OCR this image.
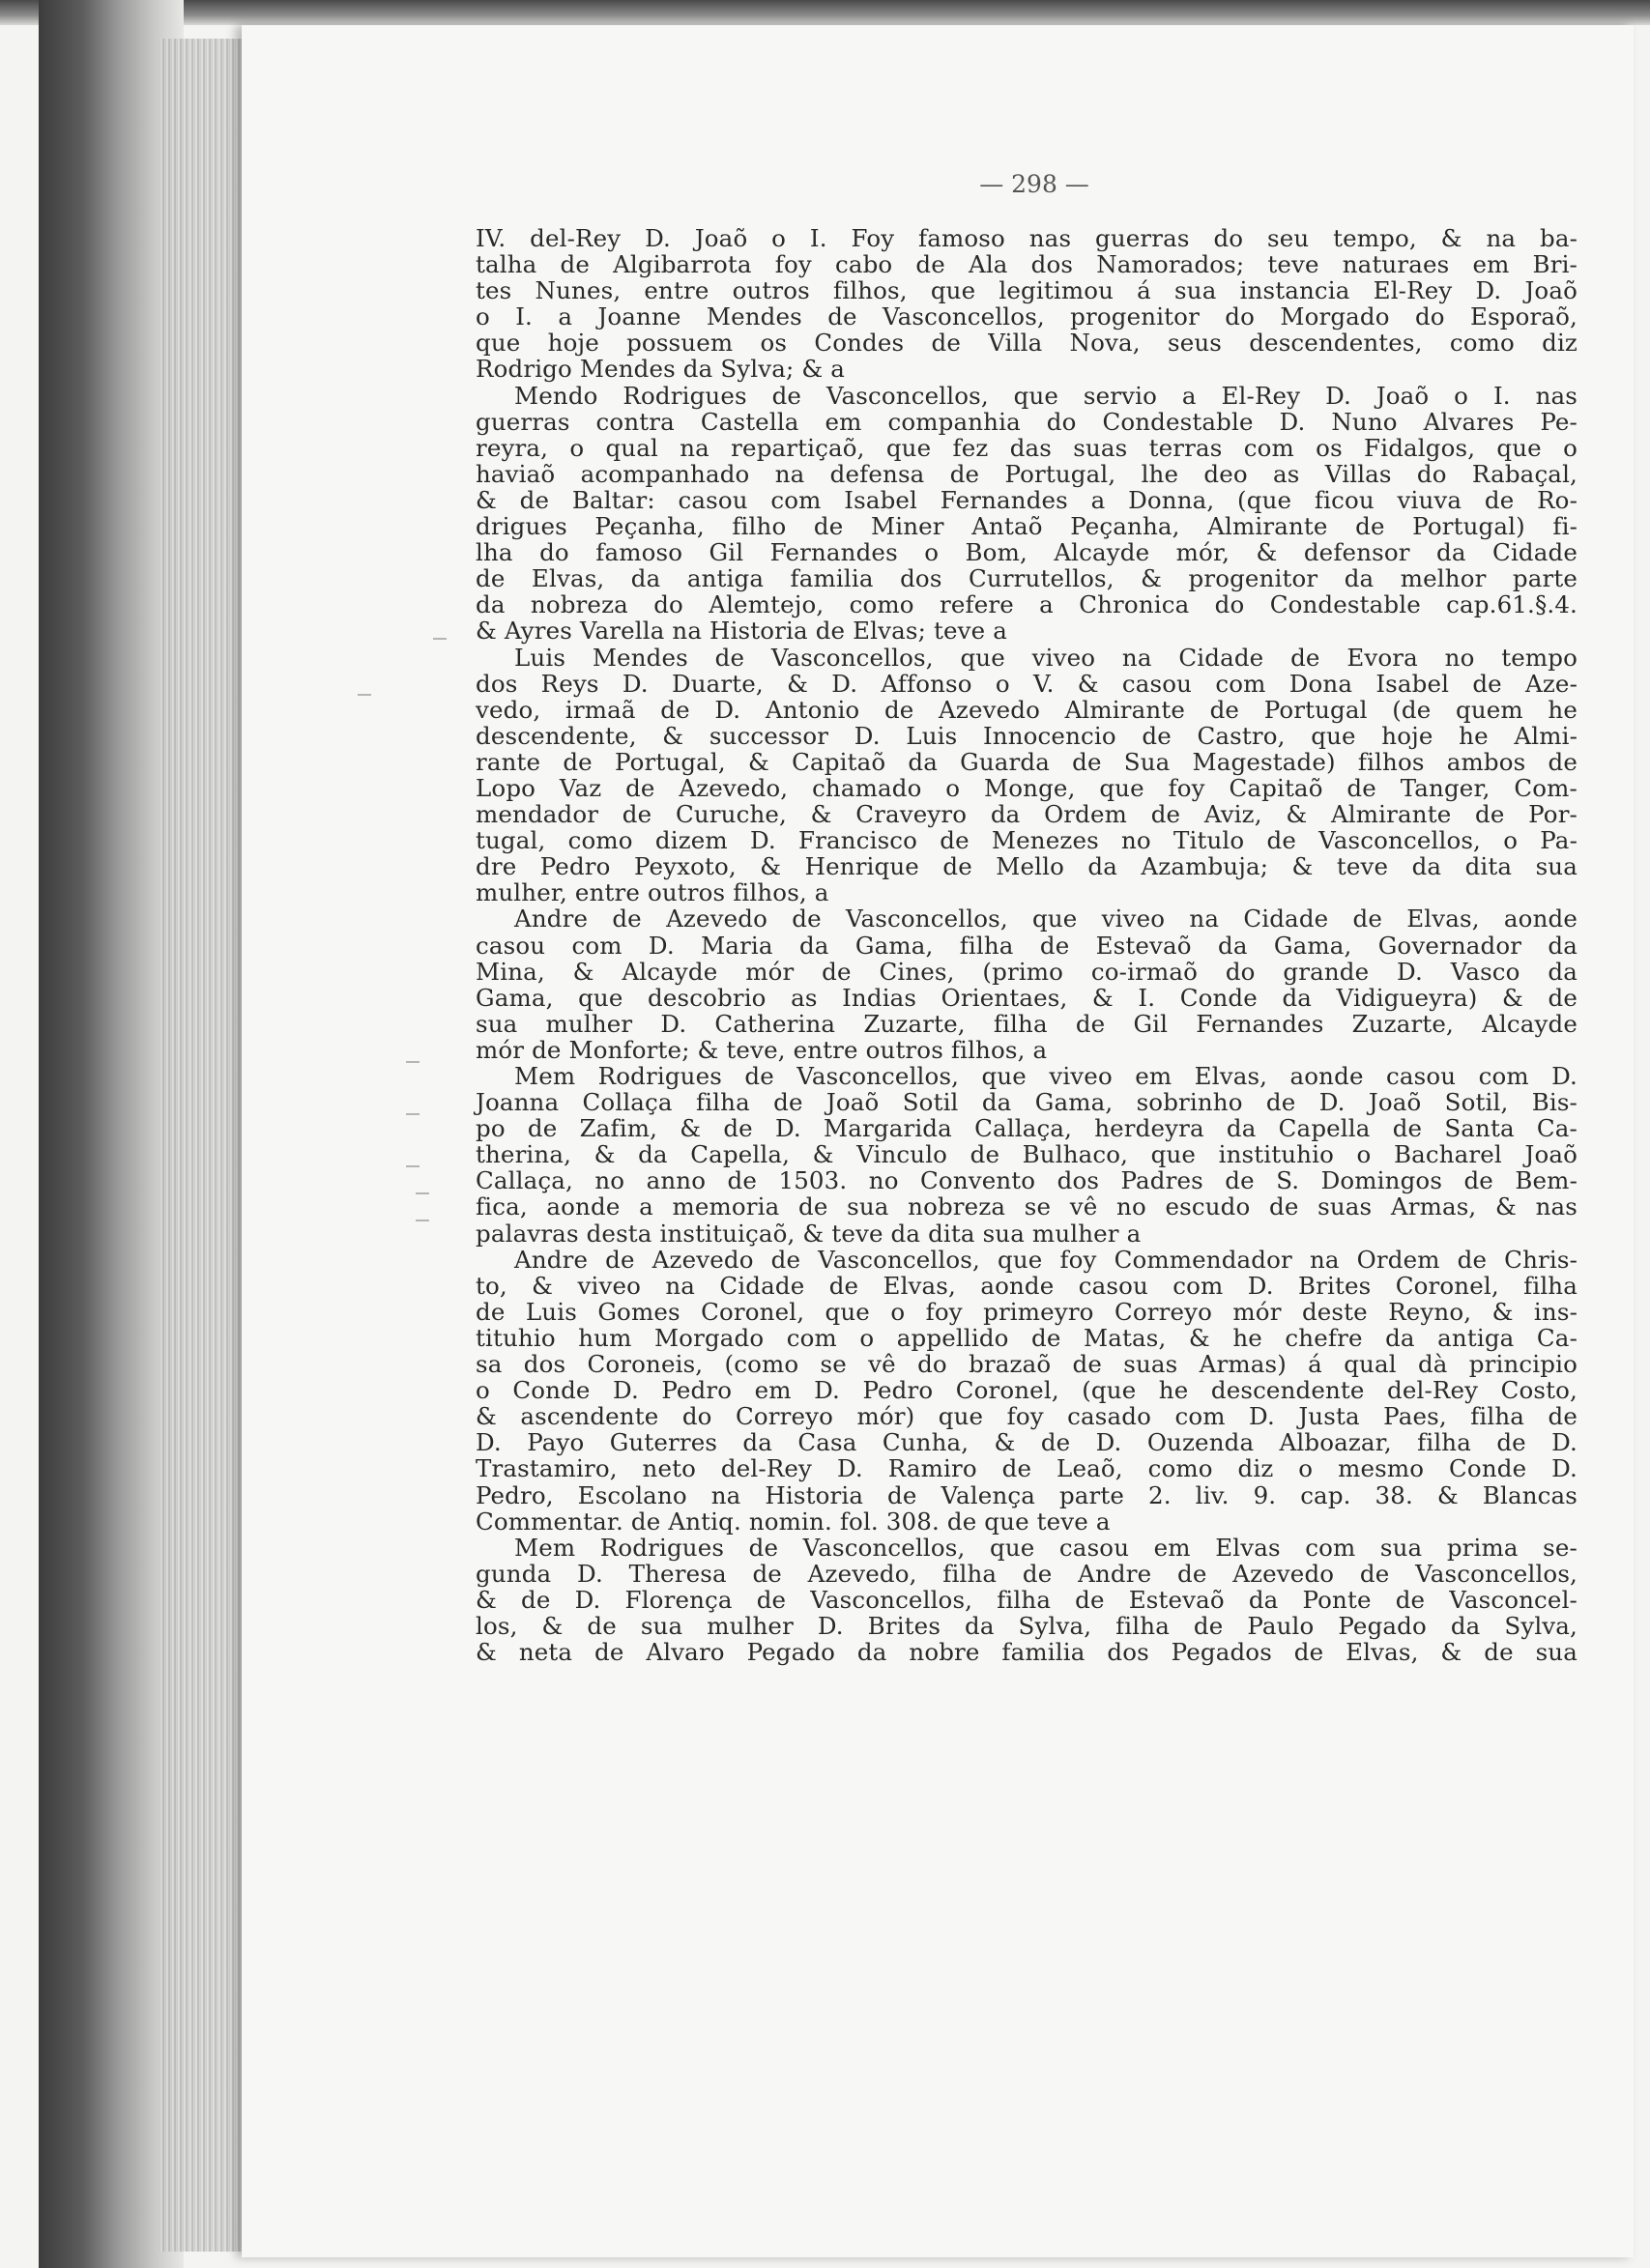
— 298 —
IV. del-Rey D. Joaõ o I. Foy famoso nas guerras do seu tempo, & na ba-
talha de Algibarrota foy cabo de Ala dos Namorados; teve naturaes em Bri-
tes Nunes, entre outros filhos, que legitimou á sua instancia El-Rey D. Joaõ
o I. a Joanne Mendes de Vasconcellos, progenitor do Morgado do Esporaõ,
que hoje possuem os Condes de Villa Nova, seus descendentes, como diz
Rodrigo Mendes da Sylva; & a
Mendo Rodrigues de Vasconcellos, que servio a El-Rey D. Joaõ o I. nas
guerras contra Castella em companhia do Condestable D. Nuno Alvares Pe-
reyra, o qual na repartiçaõ, que fez das suas terras com os Fidalgos, que o
haviaõ acompanhado na defensa de Portugal, lhe deo as Villas do Rabaçal,
& de Baltar: casou com Isabel Fernandes a Donna, (que ficou viuva de Ro-
drigues Peçanha, filho de Miner Antaõ Peçanha, Almirante de Portugal) fi-
lha do famoso Gil Fernandes o Bom, Alcayde mór, & defensor da Cidade
de Elvas, da antiga familia dos Currutellos, & progenitor da melhor parte
da nobreza do Alemtejo, como refere a Chronica do Condestable cap.61.§.4.
& Ayres Varella na Historia de Elvas; teve a
Luis Mendes de Vasconcellos, que viveo na Cidade de Evora no tempo
dos Reys D. Duarte, & D. Affonso o V. & casou com Dona Isabel de Aze-
vedo, irmaã de D. Antonio de Azevedo Almirante de Portugal (de quem he
descendente, & successor D. Luis Innocencio de Castro, que hoje he Almi-
rante de Portugal, & Capitaõ da Guarda de Sua Magestade) filhos ambos de
Lopo Vaz de Azevedo, chamado o Monge, que foy Capitaõ de Tanger, Com-
mendador de Curuche, & Craveyro da Ordem de Aviz, & Almirante de Por-
tugal, como dizem D. Francisco de Menezes no Titulo de Vasconcellos, o Pa-
dre Pedro Peyxoto, & Henrique de Mello da Azambuja; & teve da dita sua
mulher, entre outros filhos, a
Andre de Azevedo de Vasconcellos, que viveo na Cidade de Elvas, aonde
casou com D. Maria da Gama, filha de Estevaõ da Gama, Governador da
Mina, & Alcayde mór de Cines, (primo co-irmaõ do grande D. Vasco da
Gama, que descobrio as Indias Orientaes, & I. Conde da Vidigueyra) & de
sua mulher D. Catherina Zuzarte, filha de Gil Fernandes Zuzarte, Alcayde
mór de Monforte; & teve, entre outros filhos, a
Mem Rodrigues de Vasconcellos, que viveo em Elvas, aonde casou com D.
Joanna Collaça filha de Joaõ Sotil da Gama, sobrinho de D. Joaõ Sotil, Bis-
po de Zafim, & de D. Margarida Callaça, herdeyra da Capella de Santa Ca-
therina, & da Capella, & Vinculo de Bulhaco, que instituhio o Bacharel Joaõ
Callaça, no anno de 1503. no Convento dos Padres de S. Domingos de Bem-
fica, aonde a memoria de sua nobreza se vê no escudo de suas Armas, & nas
palavras desta instituiçaõ, & teve da dita sua mulher a
Andre de Azevedo de Vasconcellos, que foy Commendador na Ordem de Chris-
to, & viveo na Cidade de Elvas, aonde casou com D. Brites Coronel, filha
de Luis Gomes Coronel, que o foy primeyro Correyo mór deste Reyno, & ins-
tituhio hum Morgado com o appellido de Matas, & he chefre da antiga Ca-
sa dos Coroneis, (como se vê do brazaõ de suas Armas) á qual dà principio
o Conde D. Pedro em D. Pedro Coronel, (que he descendente del-Rey Costo,
& ascendente do Correyo mór) que foy casado com D. Justa Paes, filha de
D. Payo Guterres da Casa Cunha, & de D. Ouzenda Alboazar, filha de D.
Trastamiro, neto del-Rey D. Ramiro de Leaõ, como diz o mesmo Conde D.
Pedro, Escolano na Historia de Valença parte 2. liv. 9. cap. 38. & Blancas
Commentar. de Antiq. nomin. fol. 308. de que teve a
Mem Rodrigues de Vasconcellos, que casou em Elvas com sua prima se-
gunda D. Theresa de Azevedo, filha de Andre de Azevedo de Vasconcellos,
& de D. Florença de Vasconcellos, filha de Estevaõ da Ponte de Vasconcel-
los, & de sua mulher D. Brites da Sylva, filha de Paulo Pegado da Sylva,
& neta de Alvaro Pegado da nobre familia dos Pegados de Elvas, & de sua
